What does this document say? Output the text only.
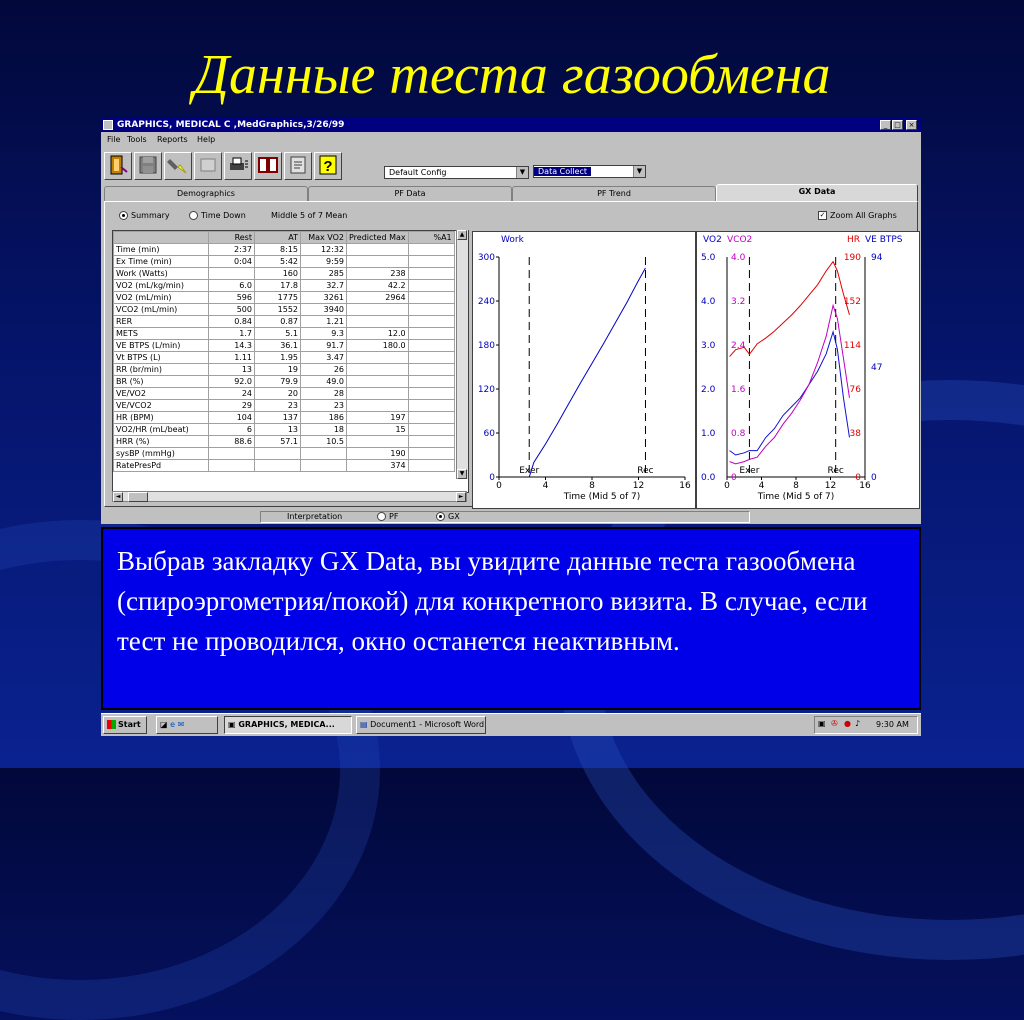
Данные теста газообмена
GRAPHICS, MEDICAL C ,MedGraphics,3/26/99	_ □	×
File Tools Reports Help
?	Default Config	▼	Data Collect	▼
Demographics	PF Data	PF Trend	GX Data
Summary	Time Down	Middle 5 of 7 Mean	✓ Zoom All Graphs
	Rest	AT	Max VO2	Predicted Max	%A1
Time (min)	2:37	8:15	12:32		
Ex Time (min)	0:04	5:42	9:59		
Work (Watts)		160	285	238	
VO2 (mL/kg/min)	6.0	17.8	32.7	42.2	
VO2 (mL/min)	596	1775	3261	2964	
VCO2 (mL/min)	500	1552	3940		
RER	0.84	0.87	1.21		
METS	1.7	5.1	9.3	12.0	
VE BTPS (L/min)	14.3	36.1	91.7	180.0	
Vt BTPS (L)	1.11	1.95	3.47		
RR (br/min)	13	19	26		
BR (%)	92.0	79.9	49.0		
VE/VO2	24	20	28		
VE/VCO2	29	23	23		
HR (BPM)	104	137	186	197	
VO2/HR (mL/beat)	6	13	18	15	
HRR (%)	88.6	57.1	10.5		
sysBP (mmHg)				190	
RatePresPd				374	
▲
▼
◄	►
Work
0
60
120
180
240
300
0	4	8	12	16
Time (Mid 5 of 7)
Exer	Rec
VO2 VCO2	HR VE BTPS
0.0
1.0
2.0
3.0
4.0
5.0
0
0.8
1.6
2.4
3.2
4.0
0
38
76
114
152
190
0
47
94
0	4	8	12	16
Time (Mid 5 of 7)
Exer	Rec
Interpretation	PF	GX
Выбрав закладку GX Data, вы увидите данные теста газообмена (спироэргометрия/покой) для конкретного визита. В случае, если тест не проводился, окно останется неактивным.
Start	◪ e ✉	▣ GRAPHICS, MEDICA...	▤ Document1 - Microsoft Word	▣ ✇ ● ♪ 9:30 AM
